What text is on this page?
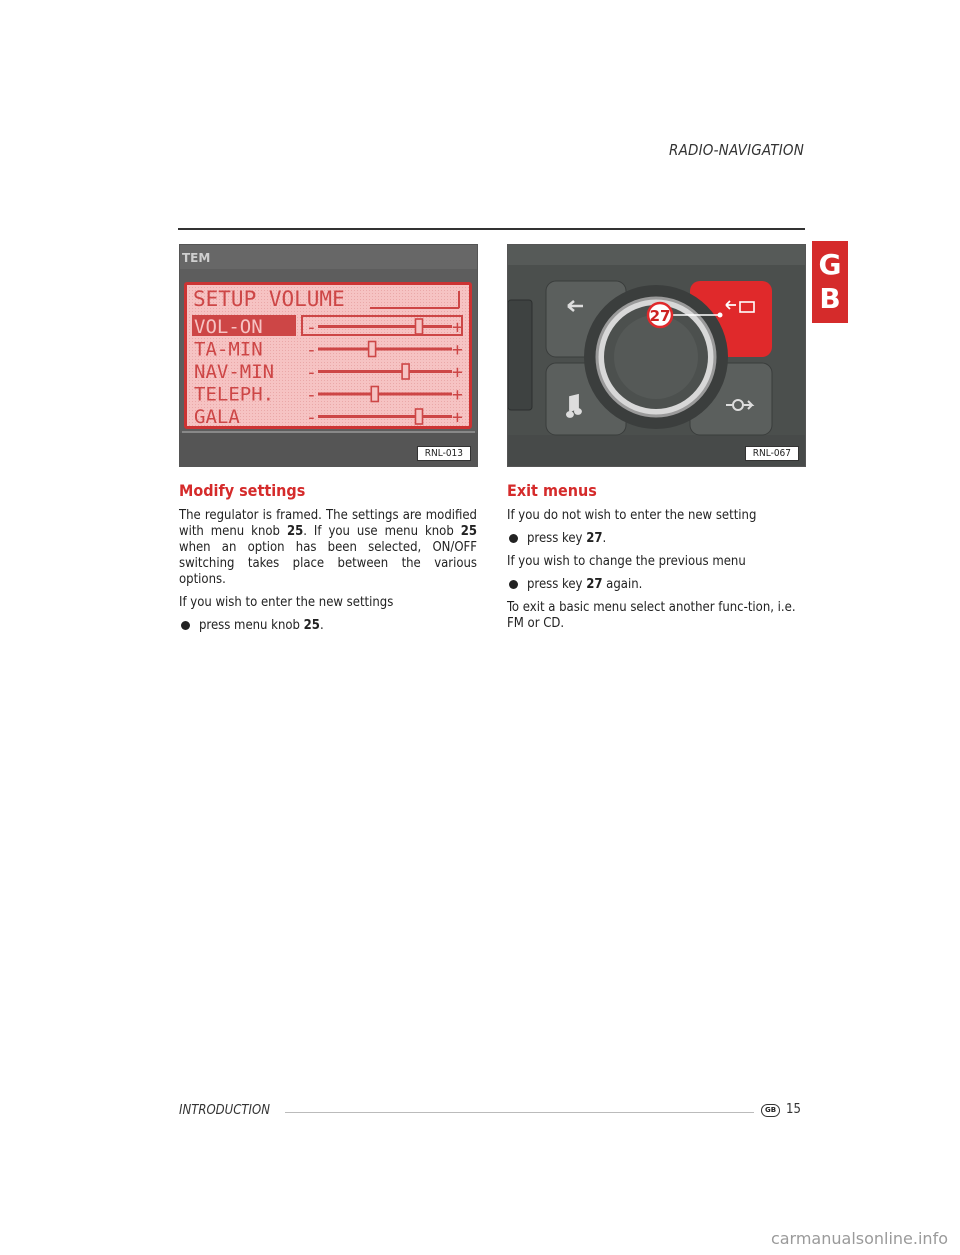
RADIO-NAVIGATION
G
B
TEM
SETUP VOLUME
VOL-ON -	+
TA-MIN -	+
NAV-MIN -	+
TELEPH. -	+
GALA	-	+
RNL-013
27
RNL-067
Modify settings

The regulator is framed. The settings are modified with menu knob 25. If you use menu knob 25 when an option has been selected, ON/OFF switching takes place between the various options.

If you wish to enter the new settings

press menu knob 25.

Exit menus

If you do not wish to enter the new setting

press key 27.

If you wish to change the previous menu

press key 27 again.

To exit a basic menu select another func-tion, i.e. FM or CD.

INTRODUCTION	GB 15
carmanualsonline.info
